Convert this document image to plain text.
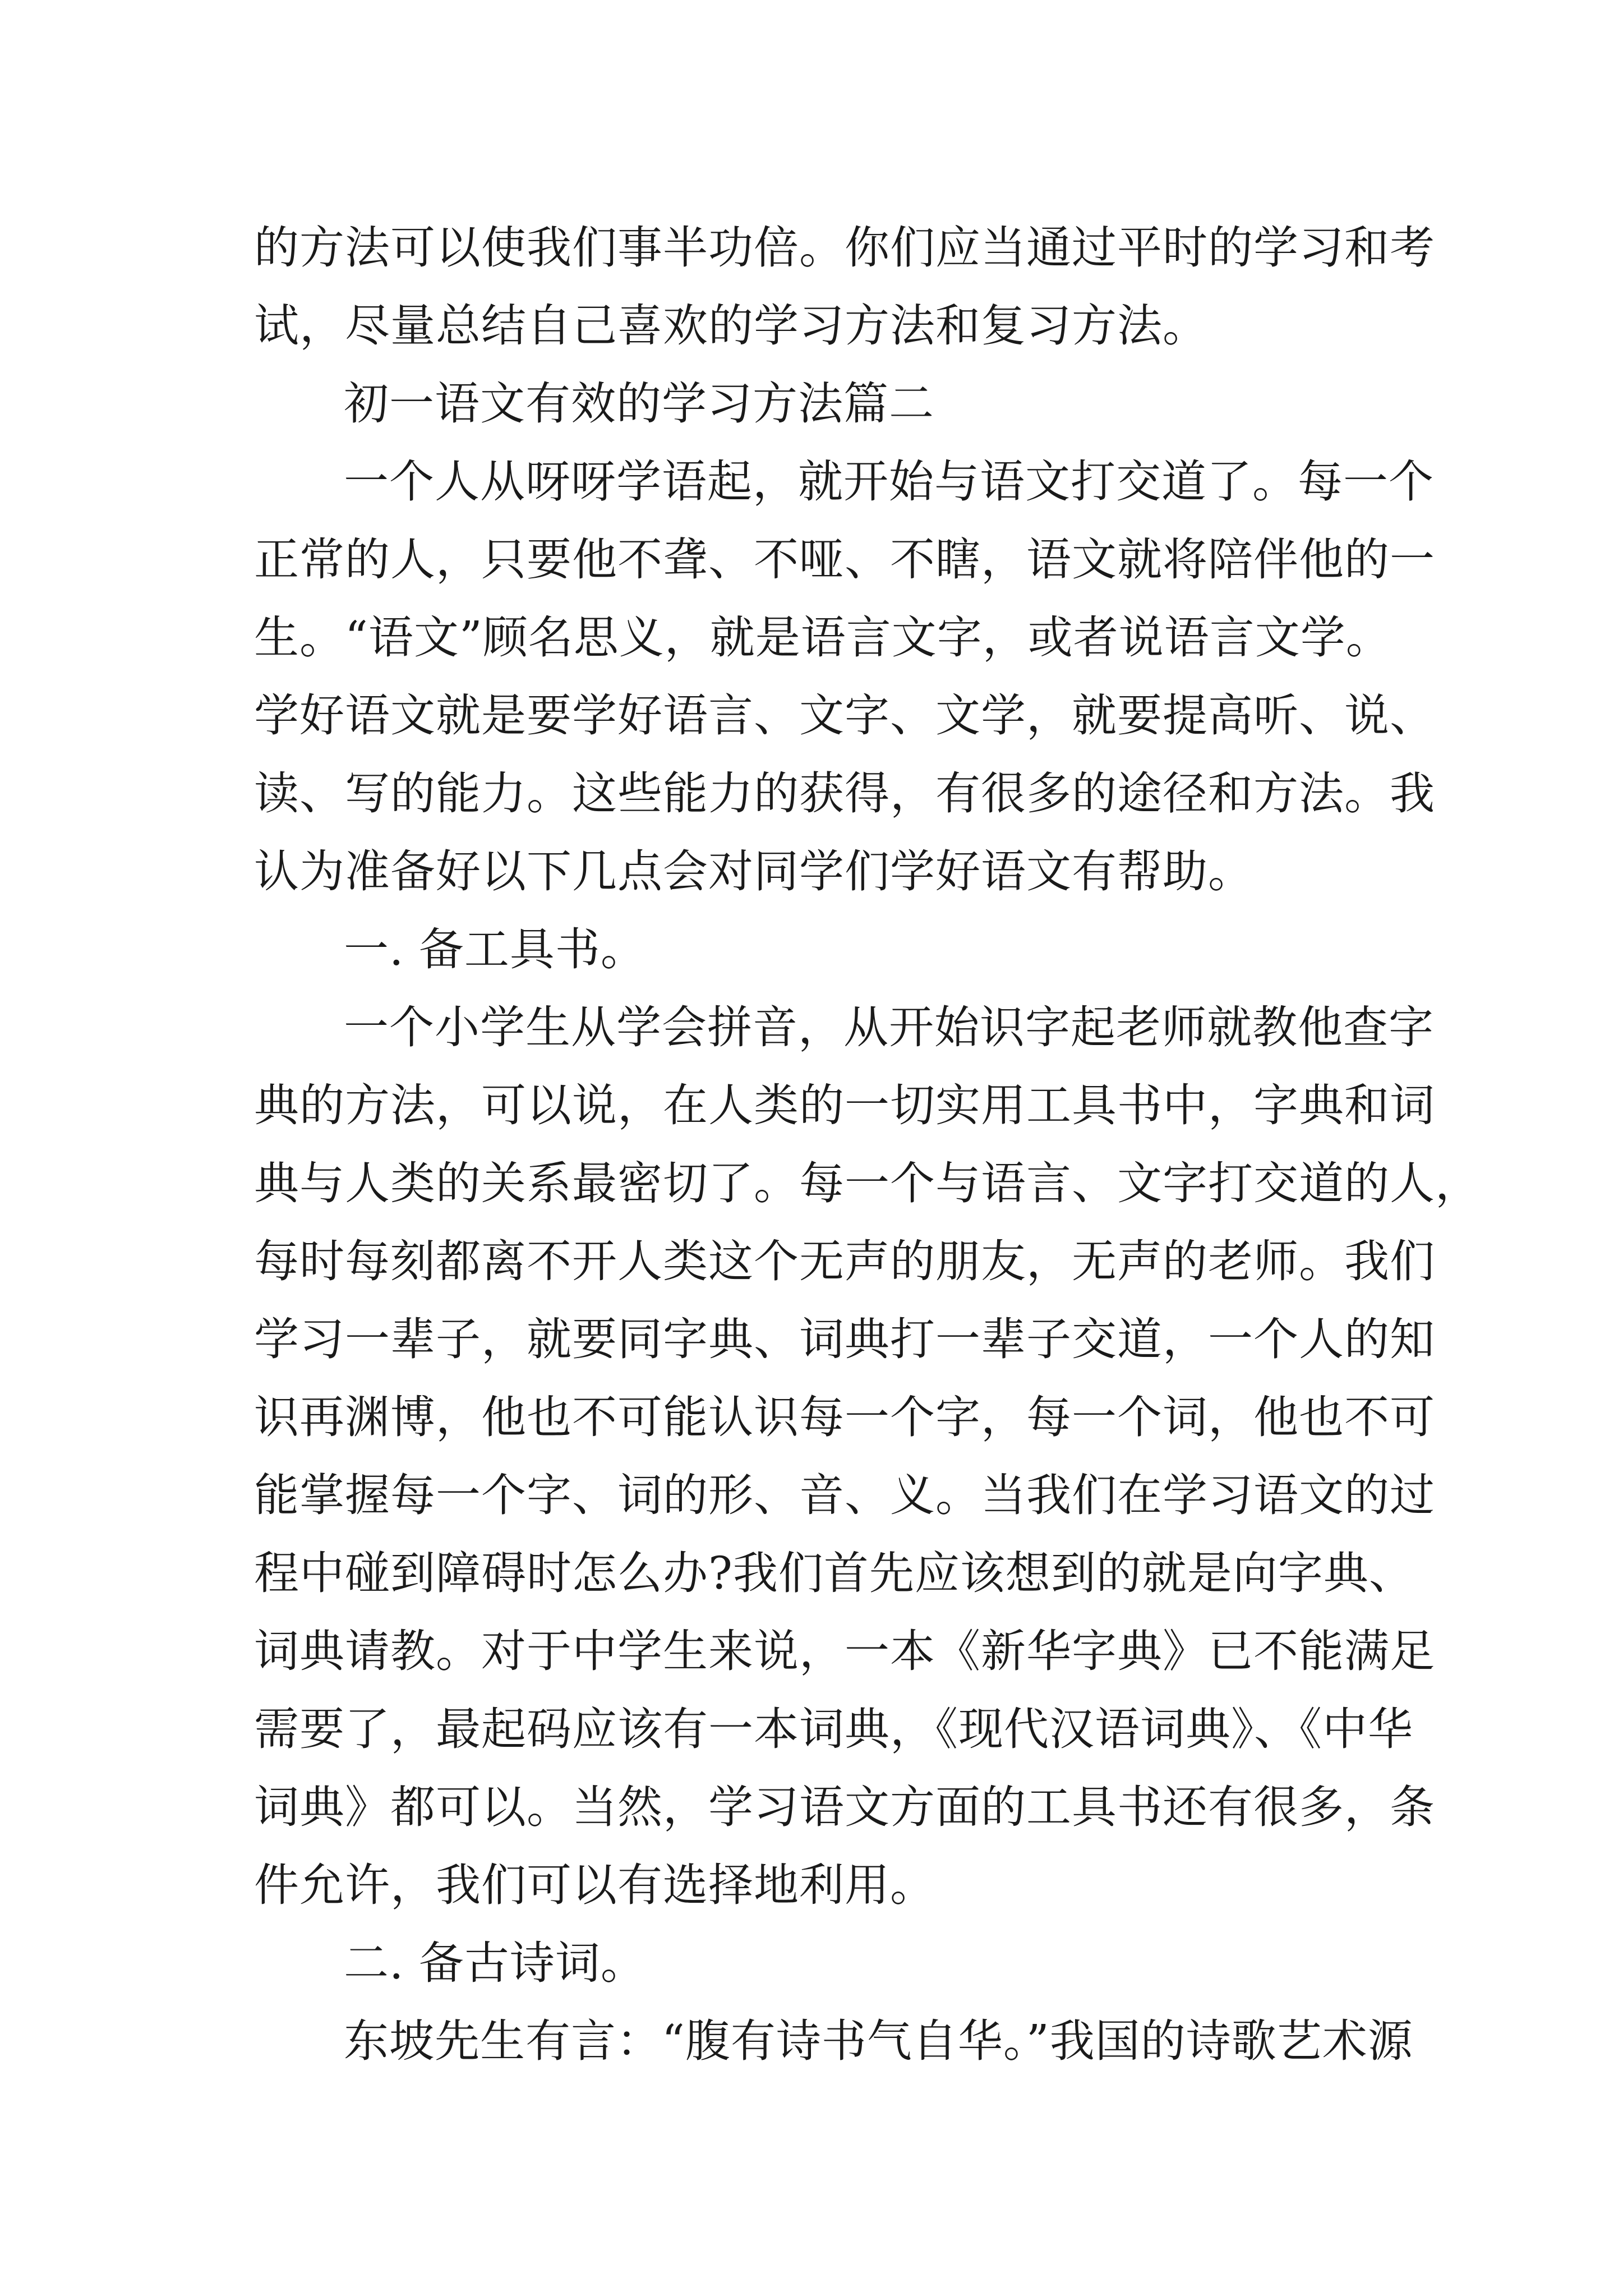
的方法可以使我们事半功倍。你们应当通过平时的学习和考
试，尽量总结自己喜欢的学习方法和复习方法。
初一语文有效的学习方法篇二
一个人从呀呀学语起，就开始与语文打交道了。每一个
正常的人，只要他不聋、不哑、不瞎，语文就将陪伴他的一
生。“语文”顾名思义，就是语言文字，或者说语言文学。
学好语文就是要学好语言、文字、文学，就要提高听、说、
读、写的能力。这些能力的获得，有很多的途径和方法。我
认为准备好以下几点会对同学们学好语文有帮助。
一. 备工具书。
一个小学生从学会拼音，从开始识字起老师就教他查字
典的方法，可以说，在人类的一切实用工具书中，字典和词
典与人类的关系最密切了。每一个与语言、文字打交道的人，
每时每刻都离不开人类这个无声的朋友，无声的老师。我们
学习一辈子，就要同字典、词典打一辈子交道，一个人的知
识再渊博，他也不可能认识每一个字，每一个词，他也不可
能掌握每一个字、词的形、音、义。当我们在学习语文的过
程中碰到障碍时怎么办?我们首先应该想到的就是向字典、
词典请教。对于中学生来说，一本《新华字典》已不能满足
需要了，最起码应该有一本词典，《现代汉语词典》、《中华
词典》都可以。当然，学习语文方面的工具书还有很多，条
件允许，我们可以有选择地利用。
二. 备古诗词。
东坡先生有言：“腹有诗书气自华。”我国的诗歌艺术源
